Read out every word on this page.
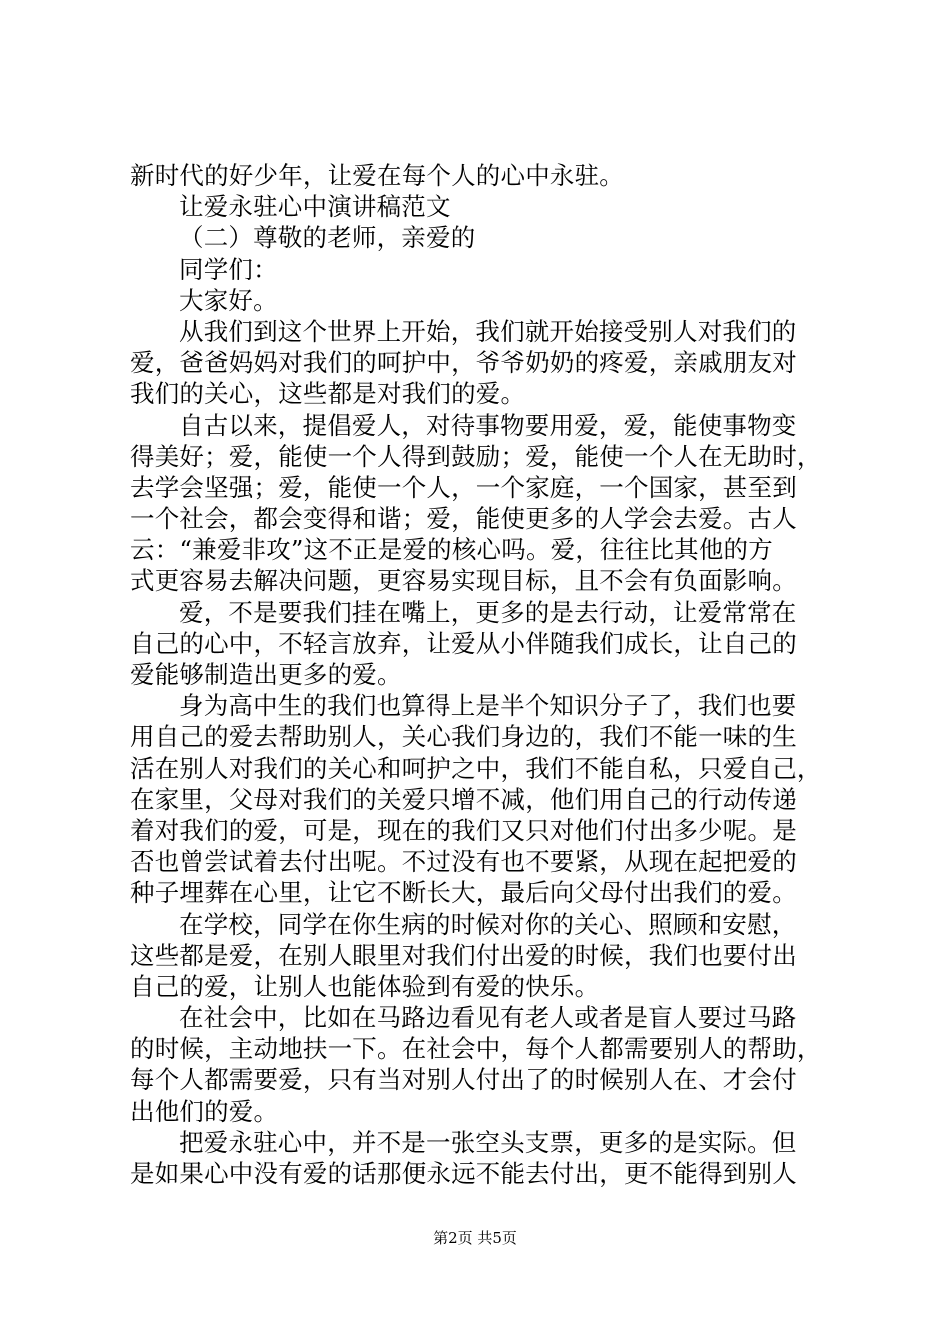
新时代的好少年，让爱在每个人的心中永驻。
让爱永驻心中演讲稿范文
（二）尊敬的老师，亲爱的
同学们：
大家好。
从我们到这个世界上开始，我们就开始接受别人对我们的
爱，爸爸妈妈对我们的呵护中，爷爷奶奶的疼爱，亲戚朋友对
我们的关心，这些都是对我们的爱。
自古以来，提倡爱人，对待事物要用爱，爱，能使事物变
得美好；爱，能使一个人得到鼓励；爱，能使一个人在无助时，
去学会坚强；爱，能使一个人，一个家庭，一个国家，甚至到
一个社会，都会变得和谐；爱，能使更多的人学会去爱。古人
云：“兼爱非攻”这不正是爱的核心吗。爱，往往比其他的方
式更容易去解决问题，更容易实现目标，且不会有负面影响。
爱，不是要我们挂在嘴上，更多的是去行动，让爱常常在
自己的心中，不轻言放弃，让爱从小伴随我们成长，让自己的
爱能够制造出更多的爱。
身为高中生的我们也算得上是半个知识分子了，我们也要
用自己的爱去帮助别人，关心我们身边的，我们不能一味的生
活在别人对我们的关心和呵护之中，我们不能自私，只爱自己，
在家里，父母对我们的关爱只增不减，他们用自己的行动传递
着对我们的爱，可是，现在的我们又只对他们付出多少呢。是
否也曾尝试着去付出呢。不过没有也不要紧，从现在起把爱的
种子埋葬在心里，让它不断长大，最后向父母付出我们的爱。
在学校，同学在你生病的时候对你的关心、照顾和安慰，
这些都是爱，在别人眼里对我们付出爱的时候，我们也要付出
自己的爱，让别人也能体验到有爱的快乐。
在社会中，比如在马路边看见有老人或者是盲人要过马路
的时候，主动地扶一下。在社会中，每个人都需要别人的帮助，
每个人都需要爱，只有当对别人付出了的时候别人在、才会付
出他们的爱。
把爱永驻心中，并不是一张空头支票，更多的是实际。但
是如果心中没有爱的话那便永远不能去付出，更不能得到别人
第2页 共5页
